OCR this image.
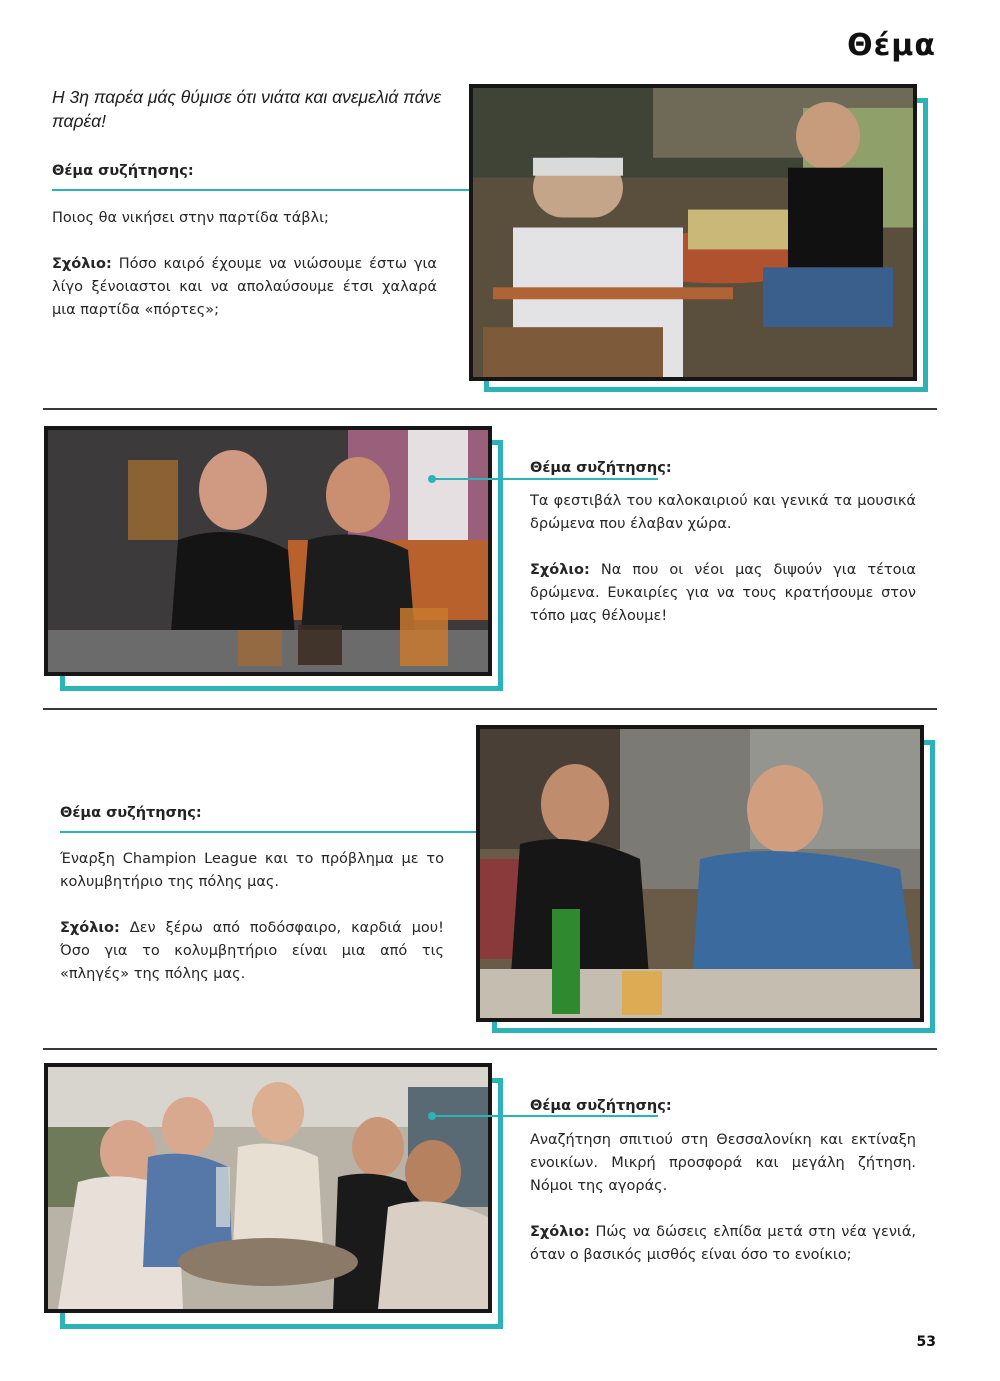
Θέμα
Η 3η παρέα μάς θύμισε ότι νιάτα και ανεμελιά πάνε παρέα!
Θέμα συζήτησης:

Ποιος θα νικήσει στην παρτίδα τάβλι;

Σχόλιο: Πόσο καιρό έχουμε να νιώσουμε έστω για λίγο ξένοιαστοι και να απολαύσουμε έτσι χαλαρά μια παρτίδα «πόρτες»;

Θέμα συζήτησης:

Τα φεστιβάλ του καλοκαιριού και γενικά τα μουσικά δρώμενα που έλαβαν χώρα.

Σχόλιο: Να που οι νέοι μας διψούν για τέτοια δρώμενα. Ευκαιρίες για να τους κρατήσουμε στον τόπο μας θέλουμε!

Θέμα συζήτησης:

Έναρξη Champion League και το πρόβλημα με το κολυμβητήριο της πόλης μας.

Σχόλιο: Δεν ξέρω από ποδόσφαιρο, καρδιά μου! Όσο για το κολυμβητήριο είναι μια από τις «πληγές» της πόλης μας.

Θέμα συζήτησης:

Αναζήτηση σπιτιού στη Θεσσαλονίκη και εκτίναξη ενοικίων. Μικρή προσφορά και μεγάλη ζήτηση. Νόμοι της αγοράς.

Σχόλιο: Πώς να δώσεις ελπίδα μετά στη νέα γενιά, όταν ο βασικός μισθός είναι όσο το ενοίκιο;

53
